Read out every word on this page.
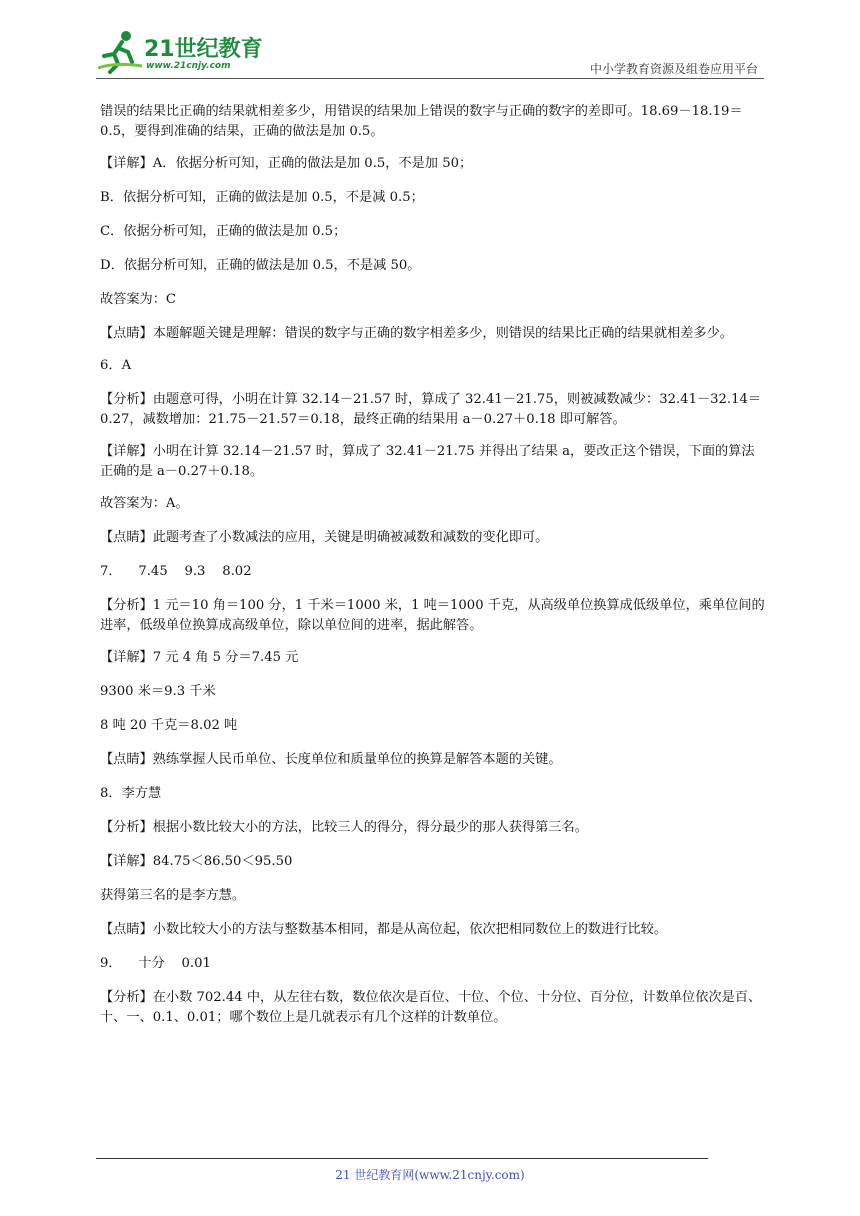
21世纪教育
www.21cnjy.com	中小学教育资源及组卷应用平台

错误的结果比正确的结果就相差多少，用错误的结果加上错误的数字与正确的数字的差即可。18.69－18.19＝0.5，要得到准确的结果，正确的做法是加 0.5。

【详解】A．依据分析可知，正确的做法是加 0.5，不是加 50；

B．依据分析可知，正确的做法是加 0.5，不是减 0.5；

C．依据分析可知，正确的做法是加 0.5；

D．依据分析可知，正确的做法是加 0.5，不是减 50。

故答案为：C

【点睛】本题解题关键是理解：错误的数字与正确的数字相差多少，则错误的结果比正确的结果就相差多少。

6．A

【分析】由题意可得，小明在计算 32.14－21.57 时，算成了 32.41－21.75，则被减数减少：32.41－32.14＝0.27，减数增加：21.75－21.57＝0.18，最终正确的结果用 a－0.27＋0.18 即可解答。

【详解】小明在计算 32.14－21.57 时，算成了 32.41－21.75 并得出了结果 a，要改正这个错误，下面的算法正确的是 a－0.27＋0.18。

故答案为：A。

【点睛】此题考查了小数减法的应用，关键是明确被减数和减数的变化即可。

7．    7.45    9.3    8.02

【分析】1 元＝10 角＝100 分，1 千米＝1000 米，1 吨＝1000 千克，从高级单位换算成低级单位，乘单位间的进率，低级单位换算成高级单位，除以单位间的进率，据此解答。

【详解】7 元 4 角 5 分＝7.45 元

9300 米＝9.3 千米

8 吨 20 千克＝8.02 吨

【点睛】熟练掌握人民币单位、长度单位和质量单位的换算是解答本题的关键。

8．李方慧

【分析】根据小数比较大小的方法，比较三人的得分，得分最少的那人获得第三名。

【详解】84.75＜86.50＜95.50

获得第三名的是李方慧。

【点睛】小数比较大小的方法与整数基本相同，都是从高位起，依次把相同数位上的数进行比较。

9．    十分    0.01

【分析】在小数 702.44 中，从左往右数，数位依次是百位、十位、个位、十分位、百分位，计数单位依次是百、十、一、0.1、0.01；哪个数位上是几就表示有几个这样的计数单位。

21 世纪教育网(www.21cnjy.com)
